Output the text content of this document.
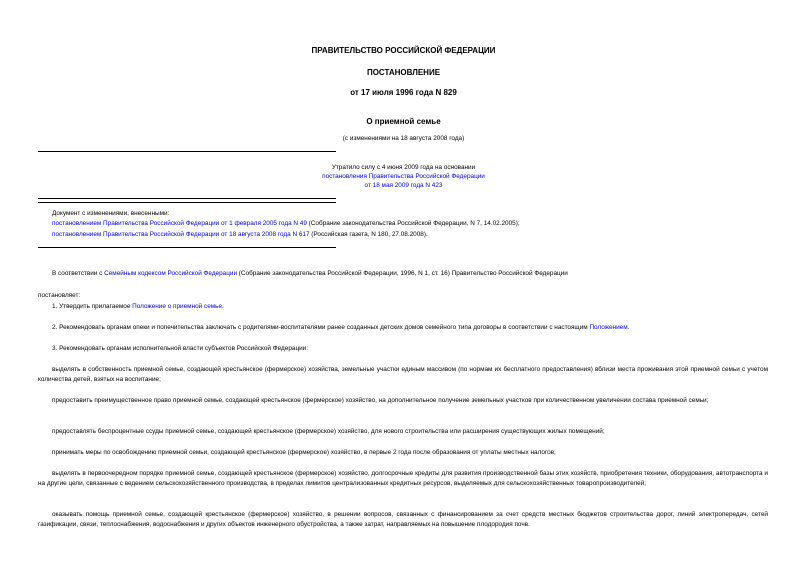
ПРАВИТЕЛЬСТВО РОССИЙСКОЙ ФЕДЕРАЦИИ
ПОСТАНОВЛЕНИЕ
от 17 июля 1996 года N 829
О приемной семье
(с изменениями на 18 августа 2008 года)
Утратило силу с 4 июня 2009 года на основании
постановления Правительства Российской Федерации
от 18 мая 2009 года N 423
Документ с изменениями, внесенными:
постановлением Правительства Российской Федерации от 1 февраля 2005 года N 49 (Собрание законодательства Российской Федерации, N 7, 14.02.2005);
постановлением Правительства Российской Федерации от 18 августа 2008 года N 617 (Российская газета, N 180, 27.08.2008).
В соответствии с Семейным кодексом Российской Федерации (Собрание законодательства Российской Федерации, 1996, N 1, ст. 16) Правительство Российской Федерации
постановляет:
1. Утвердить прилагаемое Положение о приемной семье.
2. Рекомендовать органам опеки и попечительства заключать с родителями-воспитателями ранее созданных детских домов семейного типа договоры в соответствии с настоящим Положением.
3. Рекомендовать органам исполнительной власти субъектов Российской Федерации:
выделять в собственность приемной семье, создающей крестьянское (фермерское) хозяйства, земельные участки единым массивом (по нормам их бесплатного предоставления) вблизи места проживания этой приемной семьи с учетом количества детей, взятых на воспитание;
предоставить преимущественное право приемной семье, создающей крестьянское (фермерское) хозяйство, на дополнительное получение земельных участков при количественном увеличении состава приемной семьи;
предоставлять беспроцентные ссуды приемной семье, создающей крестьянское (фермерское) хозяйство, для нового строительства или расширения существующих жилых помещений;
принимать меры по освобождению приемной семьи, создающей крестьянское (фермерское) хозяйство, в первые 2 года после образования от уплаты местных налогов;
выделять в первоочередном порядке приемной семье, создающей крестьянское (фермерское) хозяйство, долгосрочные кредиты для развития производственной базы этих хозяйств, приобретения техники, оборудования, автотранспорта и на другие цели, связанные с ведением сельскохозяйственного производства, в пределах лимитов централизованных кредитных ресурсов, выделяемых для сельскохозяйственных товаропроизводителей;
оказывать помощь приемной семье, создающей крестьянское (фермерское) хозяйство, в решении вопросов, связанных с финансированием за счет средств местных бюджетов строительства дорог, линий электропередач, сетей газификации, связи, теплоснабжения, водоснабжения и других объектов инженерного обустройства, а также затрат, направляемых на повышение плодородия почв.
